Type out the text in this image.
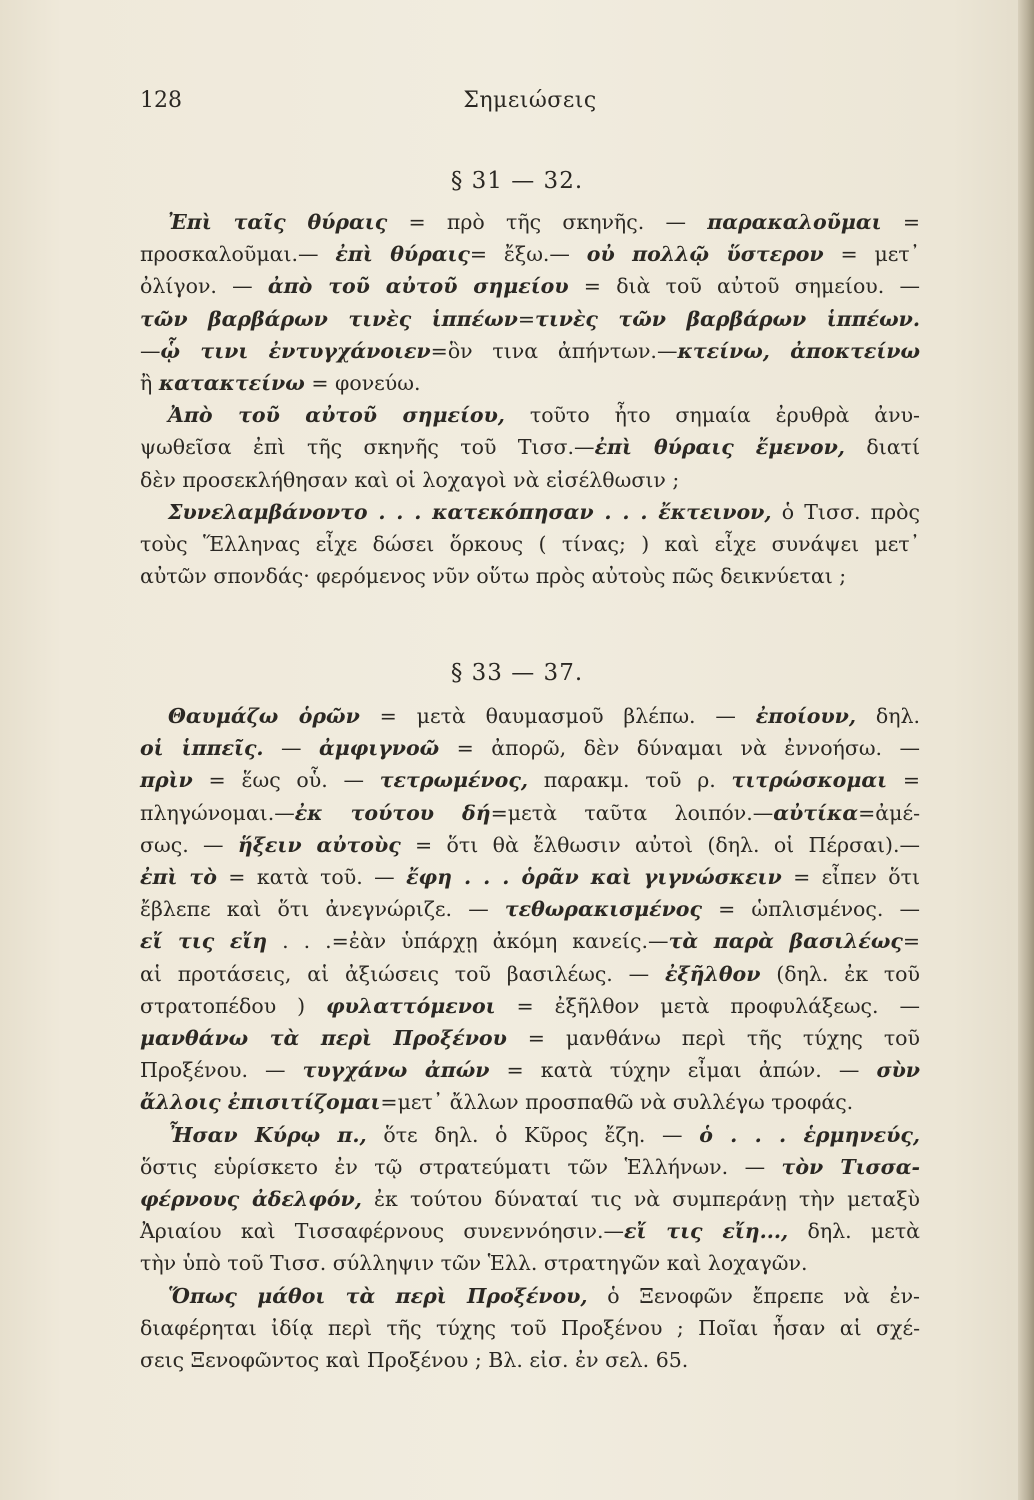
128	Σημειώσεις
§ 31 — 32.
Ἐπὶ ταῖς θύραις = πρὸ τῆς σκηνῆς. — παρακαλοῦμαι =
προσκαλοῦμαι.— ἐπὶ θύραις= ἔξω.— οὐ πολλῷ ὕστερον = μετ᾽
ὀλίγον. — ἀπὸ τοῦ αὐτοῦ σημείου = διὰ τοῦ αὐτοῦ σημείου. —
τῶν βαρβάρων τινὲς ἱππέων=τινὲς τῶν βαρβάρων ἱππέων.
—ᾧ τινι ἐντυγχάνοιεν=ὃν τινα ἀπήντων.—κτείνω, ἀποκτείνω
ἢ κατακτείνω = φονεύω.
Ἀπὸ τοῦ αὐτοῦ σημείου, τοῦτο ἦτο σημαία ἐρυθρὰ ἀνυ-
ψωθεῖσα ἐπὶ τῆς σκηνῆς τοῦ Τισσ.—ἐπὶ θύραις ἔμενον, διατί
δὲν προσεκλήθησαν καὶ οἱ λοχαγοὶ νὰ εἰσέλθωσιν ;
Συνελαμβάνοντο . . . κατεκόπησαν . . . ἔκτεινον, ὁ Τισσ. πρὸς
τοὺς Ἕλληνας εἶχε δώσει ὅρκους ( τίνας; ) καὶ εἶχε συνάψει μετ᾽
αὐτῶν σπονδάς· φερόμενος νῦν οὕτω πρὸς αὐτοὺς πῶς δεικνύεται ;
§ 33 — 37.
Θαυμάζω ὁρῶν = μετὰ θαυμασμοῦ βλέπω. — ἐποίουν, δηλ.
οἱ ἱππεῖς. — ἀμφιγνοῶ = ἀπορῶ, δὲν δύναμαι νὰ ἐννοήσω. —
πρὶν = ἕως οὗ. — τετρωμένος, παρακμ. τοῦ ρ. τιτρώσκομαι =
πληγώνομαι.—ἐκ τούτου δή=μετὰ ταῦτα λοιπόν.—αὐτίκα=ἀμέ-
σως. — ἥξειν αὐτοὺς = ὅτι θὰ ἔλθωσιν αὐτοὶ (δηλ. οἱ Πέρσαι).—
ἐπὶ τὸ = κατὰ τοῦ. — ἔφη . . . ὁρᾶν καὶ γιγνώσκειν = εἶπεν ὅτι
ἔβλεπε καὶ ὅτι ἀνεγνώριζε. — τεθωρακισμένος = ὡπλισμένος. —
εἴ τις εἴη . . .=ἐὰν ὑπάρχῃ ἀκόμη κανείς.—τὰ παρὰ βασιλέως=
αἱ προτάσεις, αἱ ἀξιώσεις τοῦ βασιλέως. — ἐξῆλθον (δηλ. ἐκ τοῦ
στρατοπέδου ) φυλαττόμενοι = ἐξῆλθον μετὰ προφυλάξεως. —
μανθάνω τὰ περὶ Προξένου = μανθάνω περὶ τῆς τύχης τοῦ
Προξένου. — τυγχάνω ἀπών = κατὰ τύχην εἶμαι ἀπών. — σὺν
ἄλλοις ἐπισιτίζομαι=μετ᾽ ἄλλων προσπαθῶ νὰ συλλέγω τροφάς.
Ἦσαν Κύρῳ π., ὅτε δηλ. ὁ Κῦρος ἔζη. — ὁ . . . ἑρμηνεύς,
ὅστις εὑρίσκετο ἐν τῷ στρατεύματι τῶν Ἑλλήνων. — τὸν Τισσα-
φέρνους ἀδελφόν, ἐκ τούτου δύναταί τις νὰ συμπεράνῃ τὴν μεταξὺ
Ἀριαίου καὶ Τισσαφέρνους συνεννόησιν.—εἴ τις εἴη..., δηλ. μετὰ
τὴν ὑπὸ τοῦ Τισσ. σύλληψιν τῶν Ἑλλ. στρατηγῶν καὶ λοχαγῶν.
Ὅπως μάθοι τὰ περὶ Προξένου, ὁ Ξενοφῶν ἔπρεπε νὰ ἐν-
διαφέρηται ἰδίᾳ περὶ τῆς τύχης τοῦ Προξένου ; Ποῖαι ἦσαν αἱ σχέ-
σεις Ξενοφῶντος καὶ Προξένου ; Βλ. εἰσ. ἐν σελ. 65.
